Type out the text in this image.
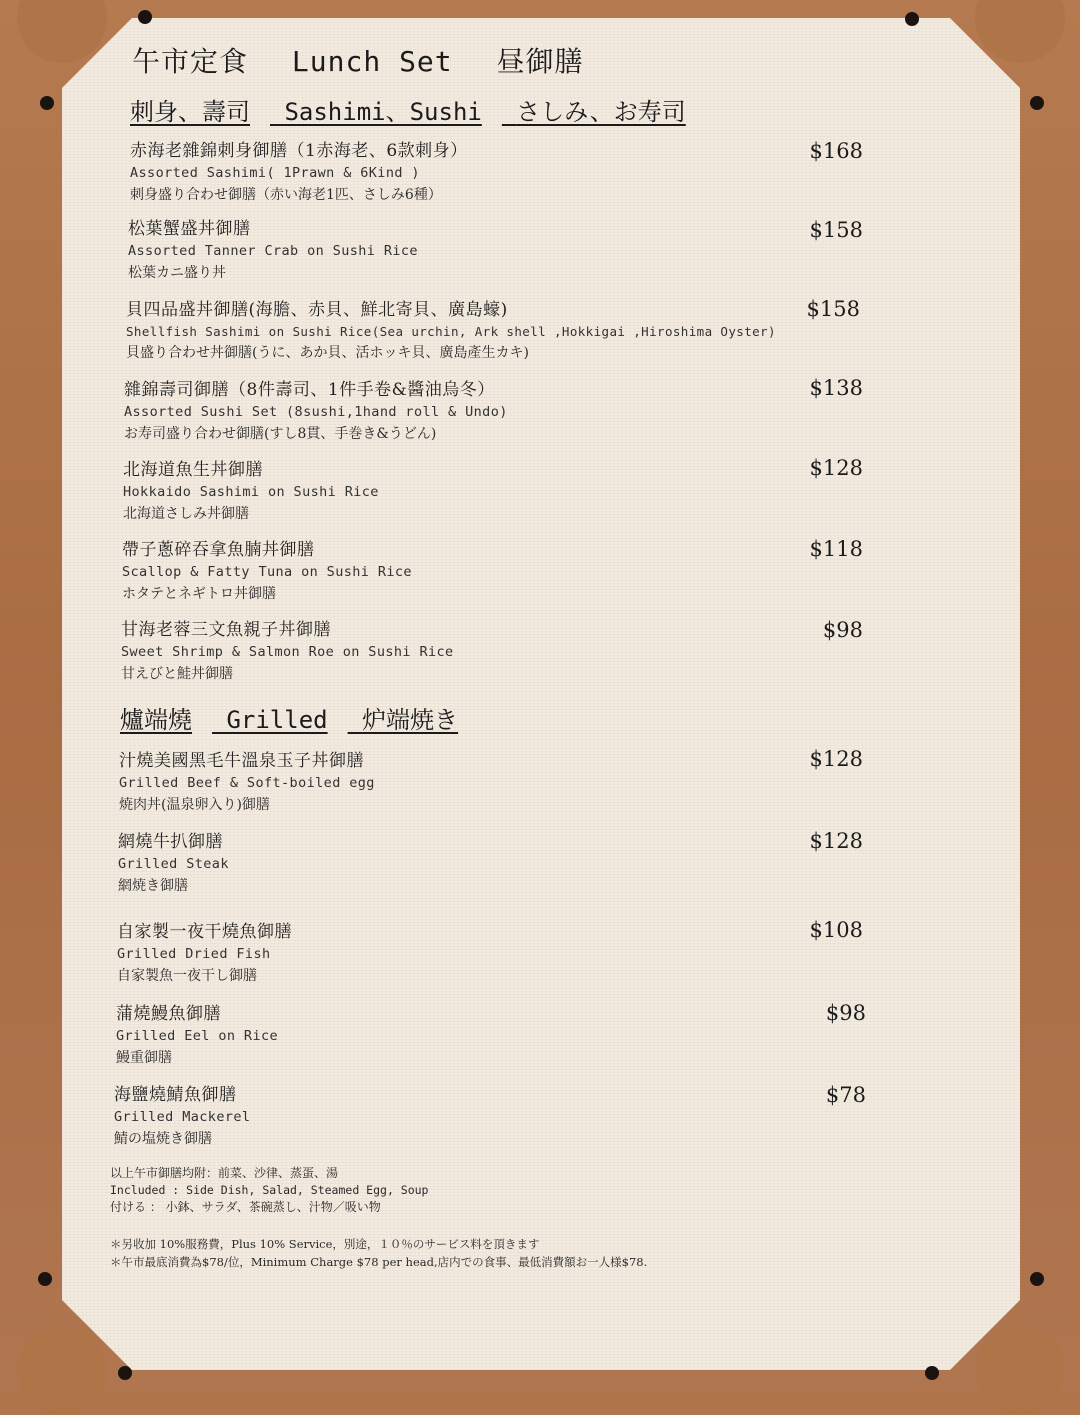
午市定食 Lunch Set 昼御膳
刺身、壽司 Sashimi、Sushi さしみ、お寿司
赤海老雜錦刺身御膳（1赤海老、6款刺身）
Assorted Sashimi( 1Prawn & 6Kind )
刺身盛り合わせ御膳（赤い海老1匹、さしみ6種）
$168
松葉蟹盛丼御膳
Assorted Tanner Crab on Sushi Rice
松葉カニ盛り丼
$158
貝四品盛丼御膳(海膽、赤貝、鮮北寄貝、廣島蠔)
Shellfish Sashimi on Sushi Rice(Sea urchin, Ark shell ,Hokkigai ,Hiroshima Oyster)
貝盛り合わせ丼御膳(うに、あか貝、活ホッキ貝、廣島產生カキ)
$158
雜錦壽司御膳（8件壽司、1件手卷&醬油烏冬）
Assorted Sushi Set (8sushi,1hand roll & Undo)
お寿司盛り合わせ御膳(すし8貫、手巻き&うどん)
$138
北海道魚生丼御膳
Hokkaido Sashimi on Sushi Rice
北海道さしみ丼御膳
$128
帶子蔥碎吞拿魚腩丼御膳
Scallop & Fatty Tuna on Sushi Rice
ホタテとネギトロ丼御膳
$118
甘海老蓉三文魚親子丼御膳
Sweet Shrimp & Salmon Roe on Sushi Rice
甘えびと鮭丼御膳
$98
爐端燒 Grilled 炉端焼き
汁燒美國黑毛牛溫泉玉子丼御膳
Grilled Beef & Soft-boiled egg
焼肉丼(温泉卵入り)御膳
$128
網燒牛扒御膳
Grilled Steak
網焼き御膳
$128
自家製一夜干燒魚御膳
Grilled Dried Fish
自家製魚一夜干し御膳
$108
蒲燒鰻魚御膳
Grilled Eel on Rice
鰻重御膳
$98
海鹽燒鯖魚御膳
Grilled Mackerel
鯖の塩焼き御膳
$78
以上午市御膳均附：前菜、沙律、蒸蛋、湯
Included : Side Dish, Salad, Steamed Egg, Soup
付ける ： 小鉢、サラダ、茶碗蒸し、汁物／吸い物
＊另收加 10%服務費，Plus 10% Service，別途，１０％のサービス料を頂きます
＊午市最底消費為$78/位，Minimum Charge $78 per head,店内での食事、最低消費額お一人様$78.
